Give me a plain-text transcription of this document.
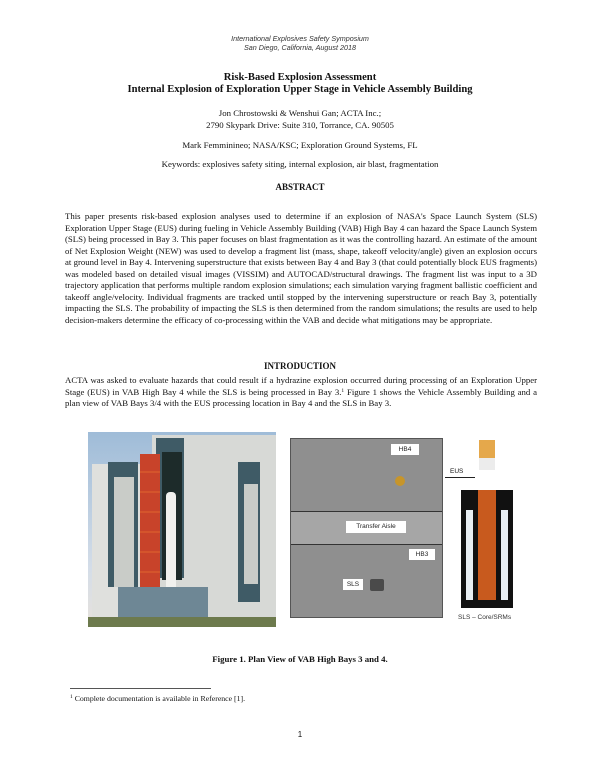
International Explosives Safety Symposium
San Diego, California, August 2018
Risk-Based Explosion Assessment
Internal Explosion of Exploration Upper Stage in Vehicle Assembly Building
Jon Chrostowski & Wenshui Gan; ACTA Inc.;
2790 Skypark Drive: Suite 310, Torrance, CA. 90505
Mark Femminineo; NASA/KSC; Exploration Ground Systems, FL
Keywords: explosives safety siting, internal explosion, air blast, fragmentation
ABSTRACT
This paper presents risk-based explosion analyses used to determine if an explosion of NASA's Space Launch System (SLS) Exploration Upper Stage (EUS) during fueling in Vehicle Assembly Building (VAB) High Bay 4 can hazard the Space Launch System (SLS) being processed in Bay 3. This paper focuses on blast fragmentation as it was the controlling hazard. An estimate of the amount of Net Explosion Weight (NEW) was used to develop a fragment list (mass, shape, takeoff velocity/angle) given an explosion occurs at ground level in Bay 4. Intervening superstructure that exists between Bay 4 and Bay 3 (that could potentially block EUS fragments) was modeled based on detailed visual images (VISSIM) and AUTOCAD/structural drawings. The fragment list was input to a 3D trajectory application that performs multiple random explosion simulations; each simulation varying fragment ballistic coefficient and takeoff angle/velocity. Individual fragments are tracked until stopped by the intervening superstructure or reach Bay 3, potentially impacting the SLS. The probability of impacting the SLS is then determined from the random simulations; the results are used to help decision-makers determine the efficacy of co-processing within the VAB and decide what mitigations may be appropriate.
INTRODUCTION
ACTA was asked to evaluate hazards that could result if a hydrazine explosion occurred during processing of an Exploration Upper Stage (EUS) in VAB High Bay 4 while the SLS is being processed in Bay 3.$^1$ Figure 1 shows the Vehicle Assembly Building and a plan view of VAB Bays 3/4 with the EUS processing location in Bay 4 and the SLS in Bay 3.
HB4
Transfer Aisle
HB3
SLS
EUS
SLS – Core/SRMs
Figure 1. Plan View of VAB High Bays 3 and 4.
$^1$ Complete documentation is available in Reference [1].
1
